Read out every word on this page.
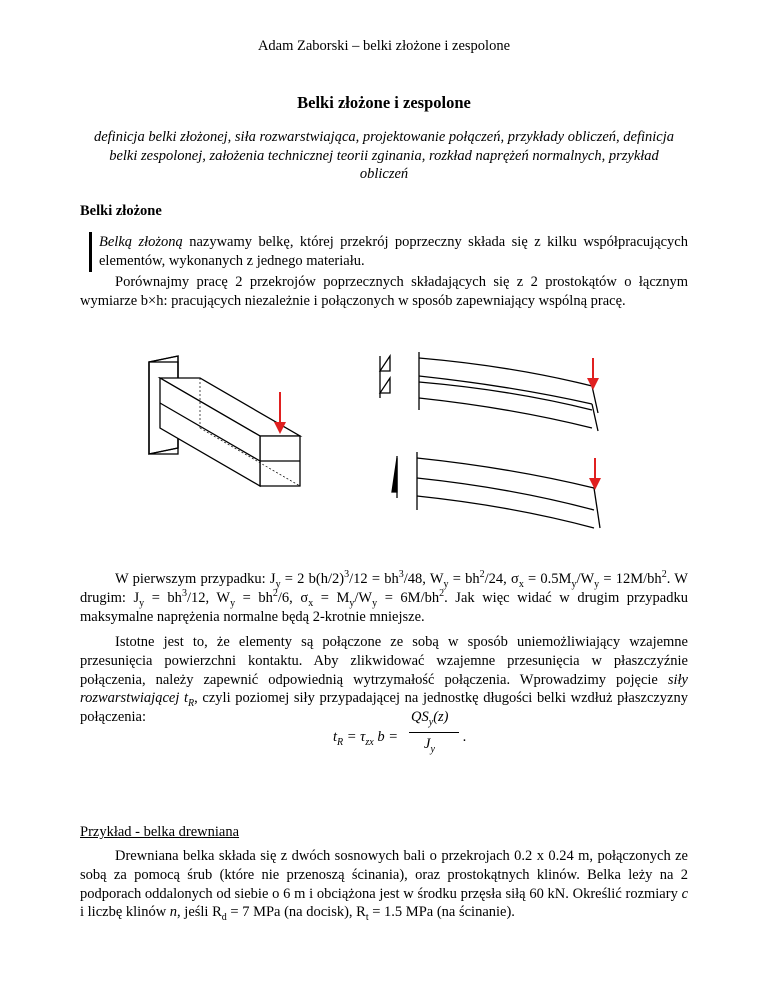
Adam Zaborski – belki złożone i zespolone
Belki złożone i zespolone
definicja belki złożonej, siła rozwarstwiająca, projektowanie połączeń, przykłady obliczeń, definicja belki zespolonej, założenia technicznej teorii zginania, rozkład naprężeń normalnych, przykład obliczeń
Belki złożone
Belką złożoną nazywamy belkę, której przekrój poprzeczny składa się z kilku współpracujących elementów, wykonanych z jednego materiału.
Porównajmy pracę 2 przekrojów poprzecznych składających się z 2 prostokątów o łącznym wymiarze b×h: pracujących niezależnie i połączonych w sposób zapewniający wspólną pracę.
W pierwszym przypadku: $J_y = 2$ $b(h/2)^3/12 = bh^3/48$, $W_y = bh^2/24$, $\sigma_x = 0.5M_y/W_y = 12M/bh^2$. W drugim: $J_y = bh^3/12$, $W_y = bh^2/6$, $\sigma_x = M_y/W_y = 6M/bh^2$. Jak więc widać w drugim przypadku maksymalne naprężenia normalne będą 2-krotnie mniejsze.
Istotne jest to, że elementy są połączone ze sobą w sposób uniemożliwiający wzajemne przesunięcia powierzchni kontaktu. Aby zlikwidować wzajemne przesunięcia w płaszczyźnie połączenia, należy zapewnić odpowiednią wytrzymałość połączenia. Wprowadzimy pojęcie siły rozwarstwiającej $t_R$, czyli poziomej siły przypadającej na jednostkę długości belki wzdłuż płaszczyzny połączenia:
$t_R = \tau_{zx}$ b =
$QS_y(z)$
$J_y$
.
Przykład - belka drewniana
Drewniana belka składa się z dwóch sosnowych bali o przekrojach 0.2 x 0.24 m, połączonych ze sobą za pomocą śrub (które nie przenoszą ścinania), oraz prostokątnych klinów. Belka leży na 2 podporach oddalonych od siebie o 6 m i obciążona jest w środku przęsła siłą 60 kN. Określić rozmiary c i liczbę klinów n, jeśli $R_d = 7$ MPa (na docisk), $R_t = 1.5$ MPa (na ścinanie).
